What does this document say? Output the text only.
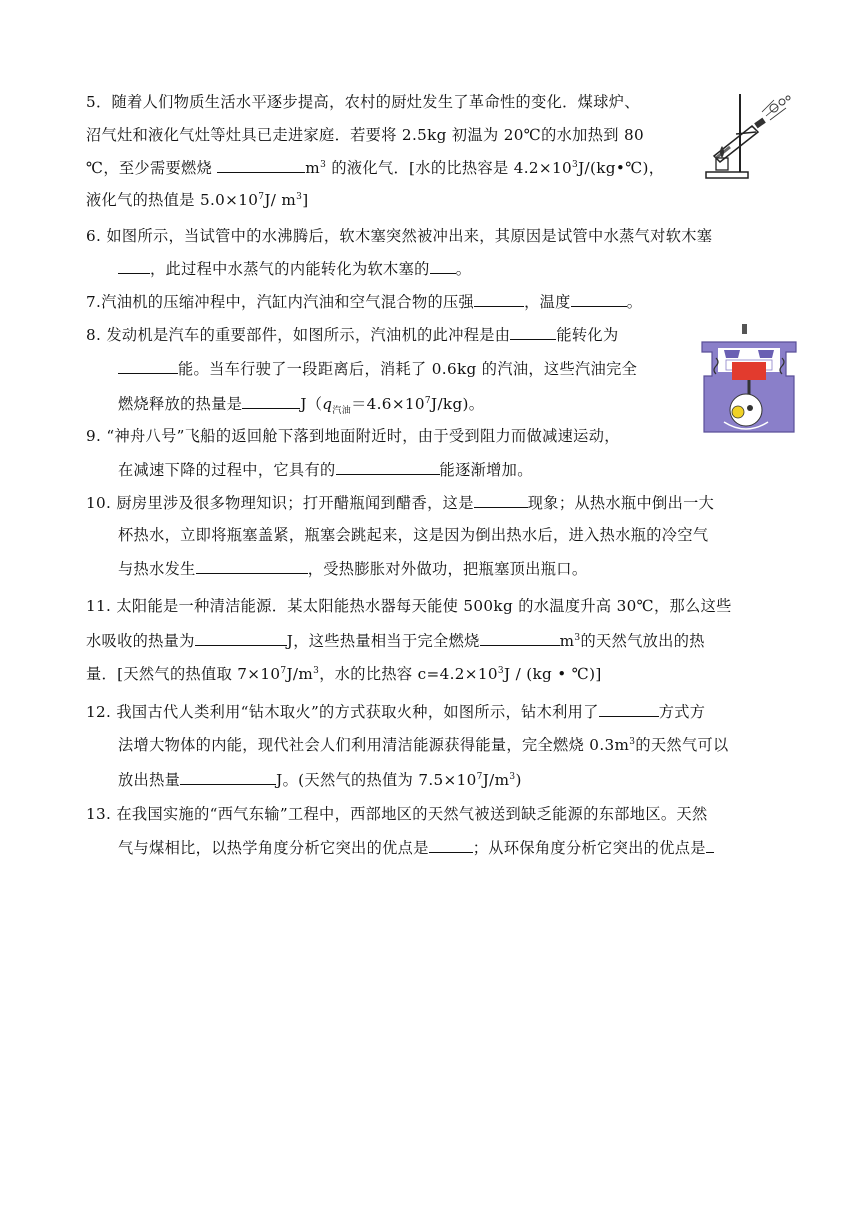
5．随着人们物质生活水平逐步提高，农村的厨灶发生了革命性的变化．煤球炉、
沼气灶和液化气灶等灶具已走进家庭．若要将 2.5kg 初温为 20℃的水加热到 80
℃，至少需要燃烧	$m^3$ 的液化气．[水的比热容是 $4.2\times 10^3J/(kg•℃)$，
液化气的热值是 $5.0\times 10^7J/$ $m^3$]
6. 如图所示，当试管中的水沸腾后，软木塞突然被冲出来，其原因是试管中水蒸气对软木塞
，此过程中水蒸气的内能转化为软木塞的 。
7.汽油机的压缩冲程中，汽缸内汽油和空气混合物的压强	，温度	。
8. 发动机是汽车的重要部件，如图所示，汽油机的此冲程是由	能转化为
能。当车行驶了一段距离后，消耗了 0.6kg 的汽油，这些汽油完全
燃烧释放的热量是	$J(q_{汽油}=4.6\times 10^7J/kg)$。
9. “神舟八号”飞船的返回舱下落到地面附近时，由于受到阻力而做减速运动，
在减速下降的过程中，它具有的	能逐渐增加。
10. 厨房里涉及很多物理知识；打开醋瓶闻到醋香，这是	现象；从热水瓶中倒出一大
杯热水，立即将瓶塞盖紧，瓶塞会跳起来，这是因为倒出热水后，进入热水瓶的冷空气
与热水发生	，受热膨胀对外做功，把瓶塞顶出瓶口。
11. 太阳能是一种清洁能源．某太阳能热水器每天能使 500kg 的水温度升高 30℃，那么这些
水吸收的热量为	J，这些热量相当于完全燃烧	$m^3$的天然气放出的热
量．[天然气的热值取 $7\times 10^7J/m^3$，水的比热容 $c=4.2\times 10^3J / (kg$ • ℃)]
12. 我国古代人类利用“钻木取火”的方式获取火种，如图所示，钻木利用了	方式方
法增大物体的内能，现代社会人们利用清洁能源获得能量，完全燃烧 $0.3m^3$的天然气可以
放出热量	J。(天然气的热值为 $7.5\times 10^7J/m^3$)
13. 在我国实施的“西气东输”工程中，西部地区的天然气被送到缺乏能源的东部地区。天然
气与煤相比，以热学角度分析它突出的优点是	；从环保角度分析它突出的优点是
